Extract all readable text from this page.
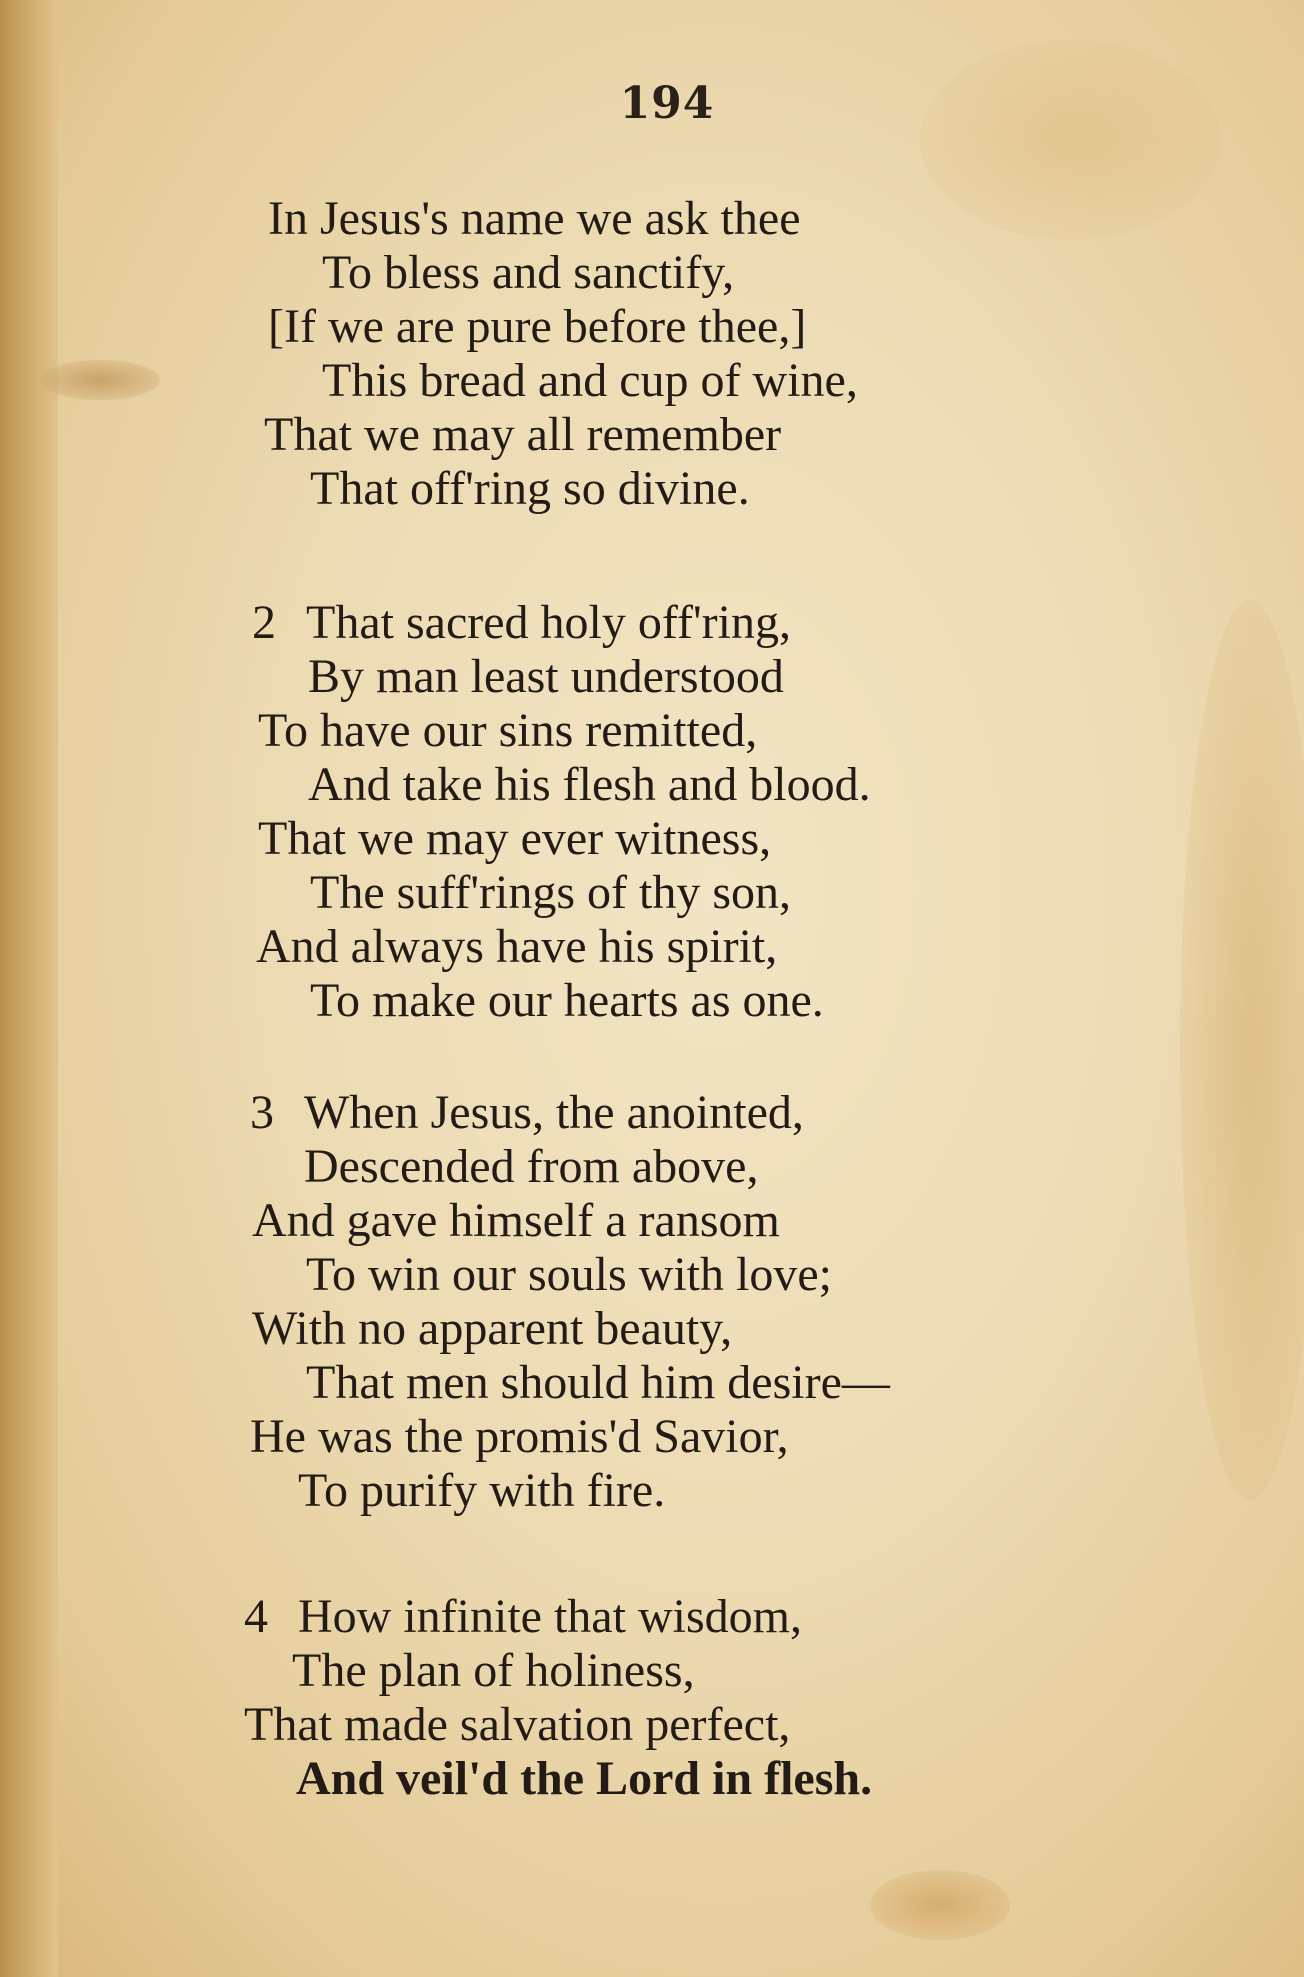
194
In Jesus's name we ask thee
To bless and sanctify,
[If we are pure before thee,]
This bread and cup of wine,
That we may all remember
That off'ring so divine.
2 That sacred holy off'ring,
By man least understood
To have our sins remitted,
And take his flesh and blood.
That we may ever witness,
The suff'rings of thy son,
And always have his spirit,
To make our hearts as one.
3 When Jesus, the anointed,
Descended from above,
And gave himself a ransom
To win our souls with love;
With no apparent beauty,
That men should him desire—
He was the promis'd Savior,
To purify with fire.
4 How infinite that wisdom,
The plan of holiness,
That made salvation perfect,
And veil'd the Lord in flesh.
